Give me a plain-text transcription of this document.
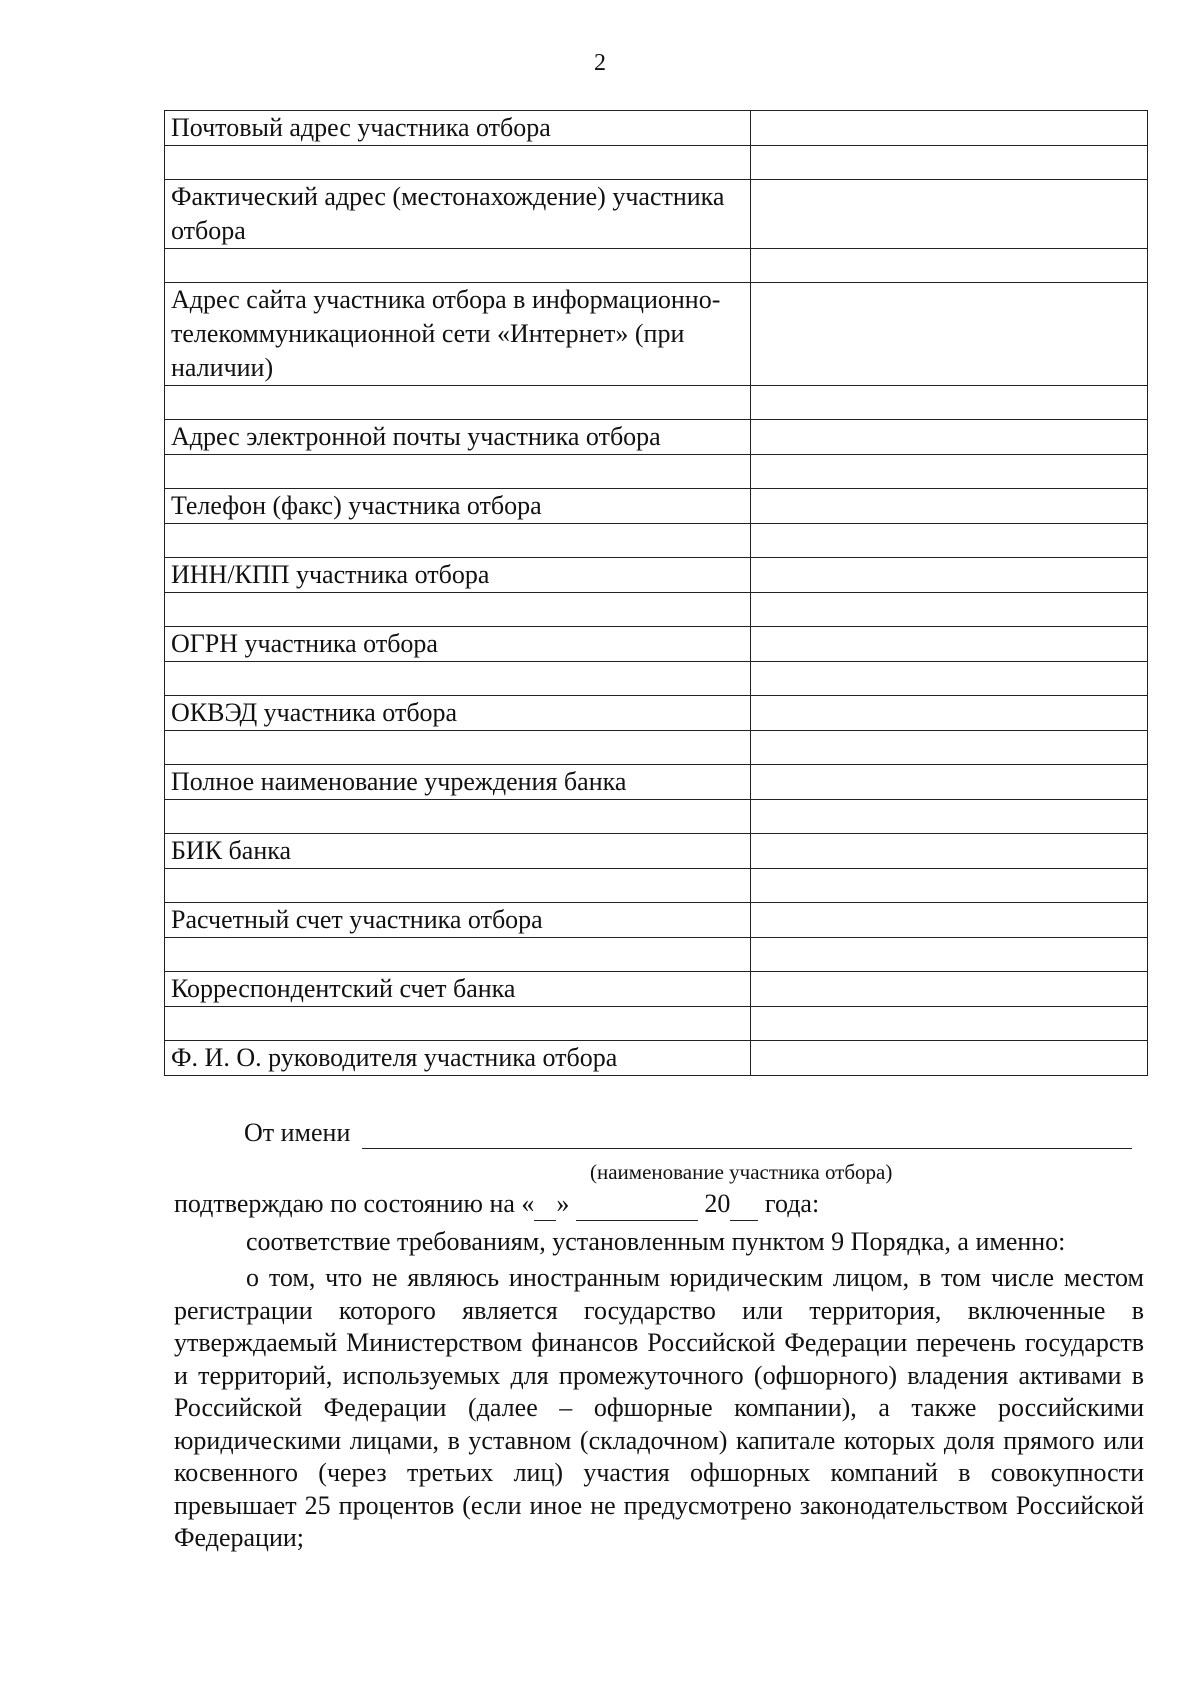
2
Почтовый адрес участника отбора	

Фактический адрес (местонахождение) участника отбора	

Адрес сайта участника отбора в информационно-телекоммуникационной сети «Интернет» (при наличии)	

Адрес электронной почты участника отбора	

Телефон (факс) участника отбора	

ИНН/КПП участника отбора	

ОГРН участника отбора	

ОКВЭД участника отбора	

Полное наименование учреждения банка	

БИК банка	

Расчетный счет участника отбора	

Корреспондентский счет банка	

Ф. И. О. руководителя участника отбора	
От имени
(наименование участника отбора)
подтверждаю по состоянию на « »	20 года:
соответствие требованиям, установленным пунктом 9 Порядка, а именно:
о том, что не являюсь иностранным юридическим лицом, в том числе местом регистрации которого является государство или территория, включенные в утверждаемый Министерством финансов Российской Федерации перечень государств и территорий, используемых для промежуточного (офшорного) владения активами в Российской Федерации (далее – офшорные компании), а также российскими юридическими лицами, в уставном (складочном) капитале которых доля прямого или косвенного (через третьих лиц) участия офшорных компаний в совокупности превышает 25 процентов (если иное не предусмотрено законодательством Российской Федерации;
